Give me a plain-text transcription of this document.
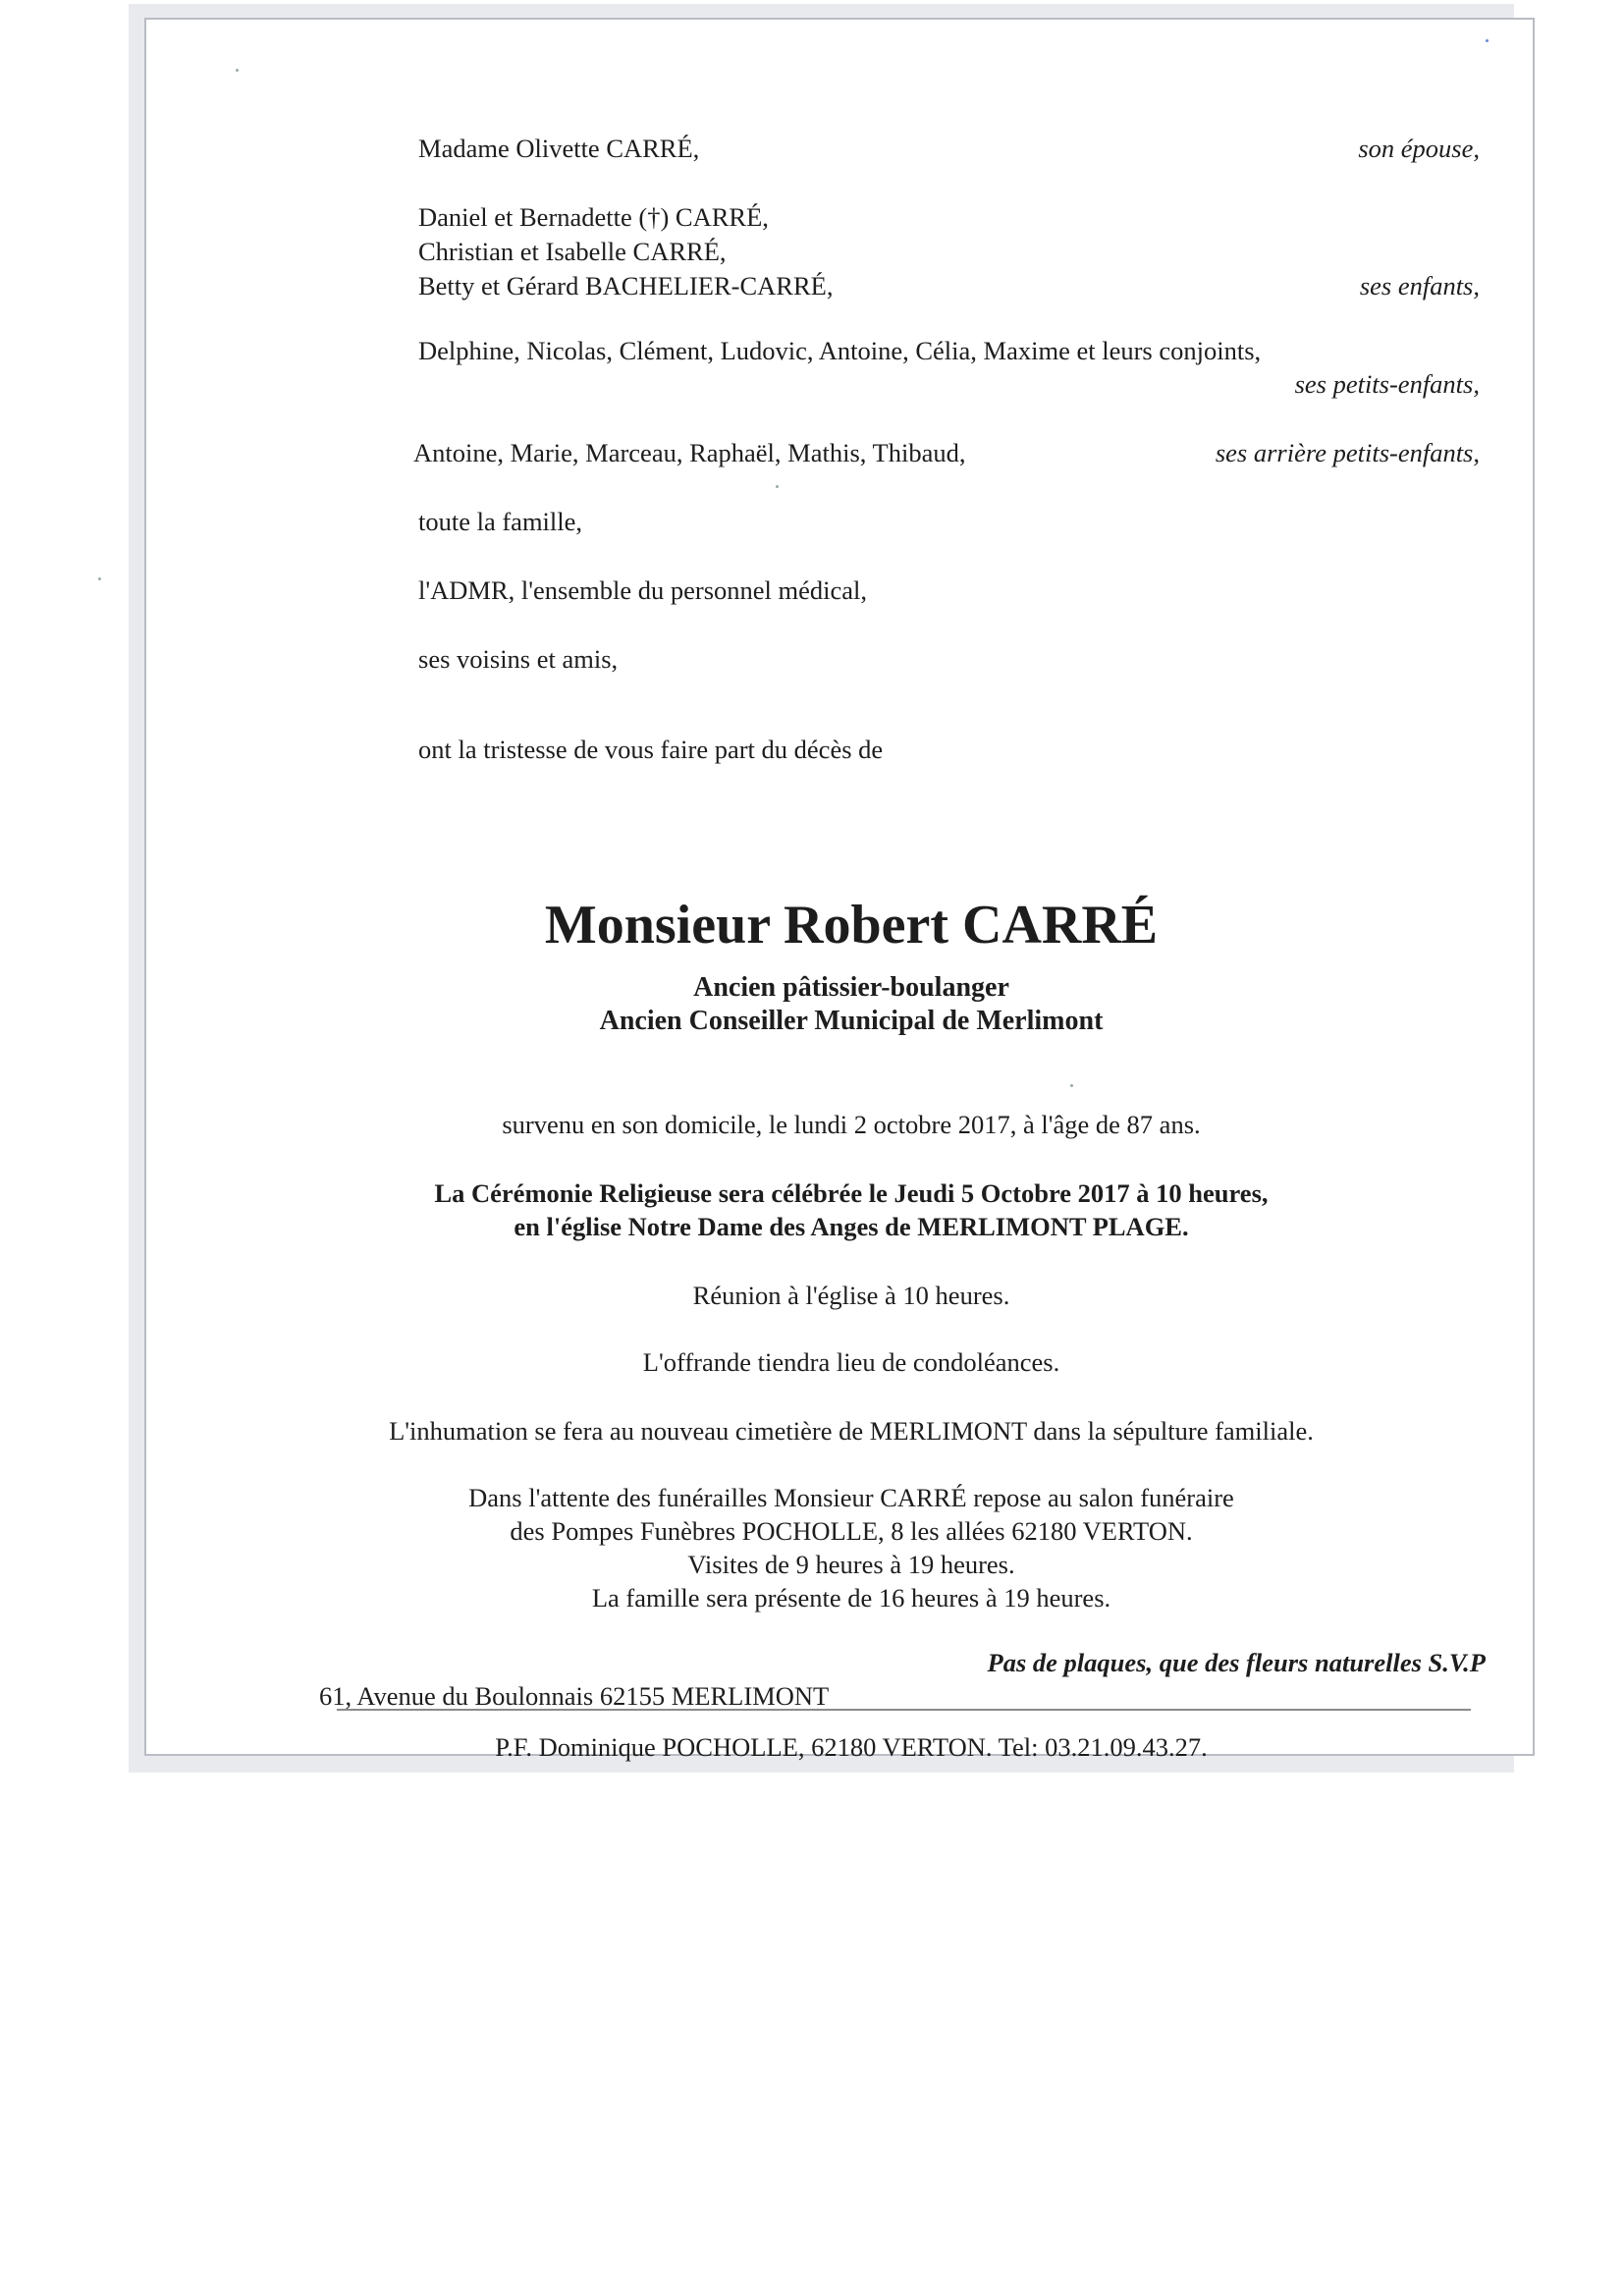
Madame Olivette CARRÉ,	son épouse,
Daniel et Bernadette (†) CARRÉ,
Christian et Isabelle CARRÉ,
Betty et Gérard BACHELIER-CARRÉ,	ses enfants,
Delphine, Nicolas, Clément, Ludovic, Antoine, Célia, Maxime et leurs conjoints,
ses petits-enfants,
Antoine, Marie, Marceau, Raphaël, Mathis, Thibaud,	ses arrière petits-enfants,
toute la famille,
l'ADMR, l'ensemble du personnel médical,
ses voisins et amis,
ont la tristesse de vous faire part du décès de
Monsieur Robert CARRÉ
Ancien pâtissier-boulanger
Ancien Conseiller Municipal de Merlimont
survenu en son domicile, le lundi 2 octobre 2017, à l'âge de 87 ans.
La Cérémonie Religieuse sera célébrée le Jeudi 5 Octobre 2017 à 10 heures,
en l'église Notre Dame des Anges de MERLIMONT PLAGE.
Réunion à l'église à 10 heures.
L'offrande tiendra lieu de condoléances.
L'inhumation se fera au nouveau cimetière de MERLIMONT dans la sépulture familiale.
Dans l'attente des funérailles Monsieur CARRÉ repose au salon funéraire
des Pompes Funèbres POCHOLLE, 8 les allées 62180 VERTON.
Visites de 9 heures à 19 heures.
La famille sera présente de 16 heures à 19 heures.
Pas de plaques, que des fleurs naturelles S.V.P
61, Avenue du Boulonnais 62155 MERLIMONT
P.F. Dominique POCHOLLE, 62180 VERTON. Tel: 03.21.09.43.27.
